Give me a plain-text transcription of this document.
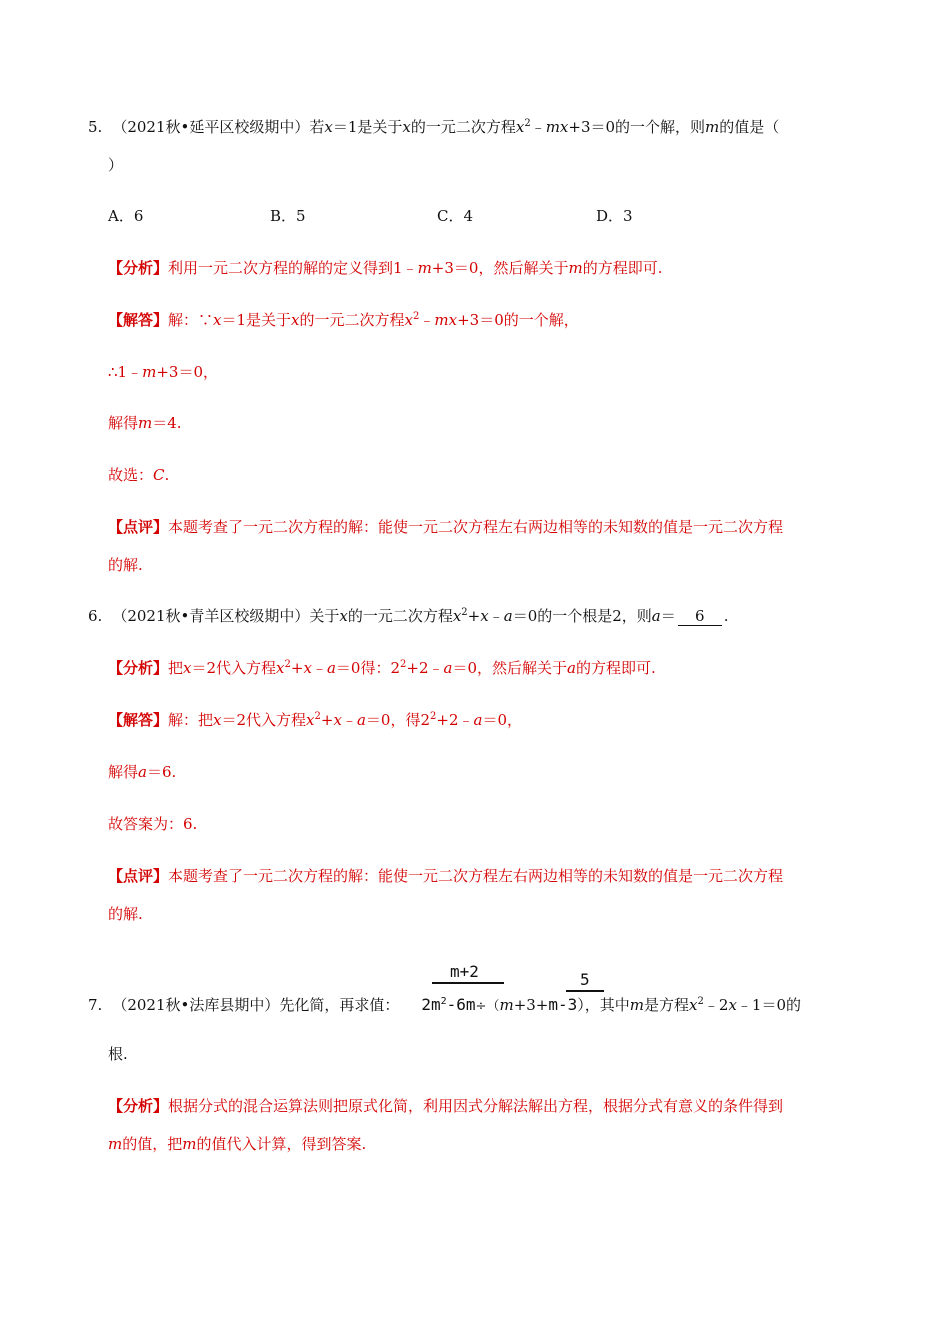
5. （2021秋•延平区校级期中）若x＝1是关于x的一元二次方程$x^2﹣mx+3=0$的一个解，则m的值是（
）
A．6	B．5	C．4	D．3
【分析】利用一元二次方程的解的定义得到1﹣m+3＝0，然后解关于m的方程即可.
【解答】解：∵x＝1是关于x的一元二次方程$x^2﹣mx+3=0$的一个解，
∴1﹣m+3＝0，
解得m＝4.
故选：C.
【点评】本题考查了一元二次方程的解：能使一元二次方程左右两边相等的未知数的值是一元二次方程
的解.
6. （2021秋•青羊区校级期中）关于x的一元二次方程$x^2+x﹣a=0$的一个根是2，则a＝ 6 .
【分析】把x＝2代入方程$x^2+x﹣a=0$得：$2^2+2﹣a=0$，然后解关于a的方程即可.
【解答】解：把x＝2代入方程$x^2+x﹣a=0$，得$2^2+2﹣a=0$，
解得a＝6.
故答案为：6.
【点评】本题考查了一元二次方程的解：能使一元二次方程左右两边相等的未知数的值是一元二次方程
的解.
m+2	5
7. （2021秋•法库县期中）先化简，再求值： $2m^2-6m\div(m+3+m-3)$，其中m是方程$x^2﹣2x﹣1=0$的
根.
【分析】根据分式的混合运算法则把原式化简，利用因式分解法解出方程，根据分式有意义的条件得到
m的值，把m的值代入计算，得到答案.
